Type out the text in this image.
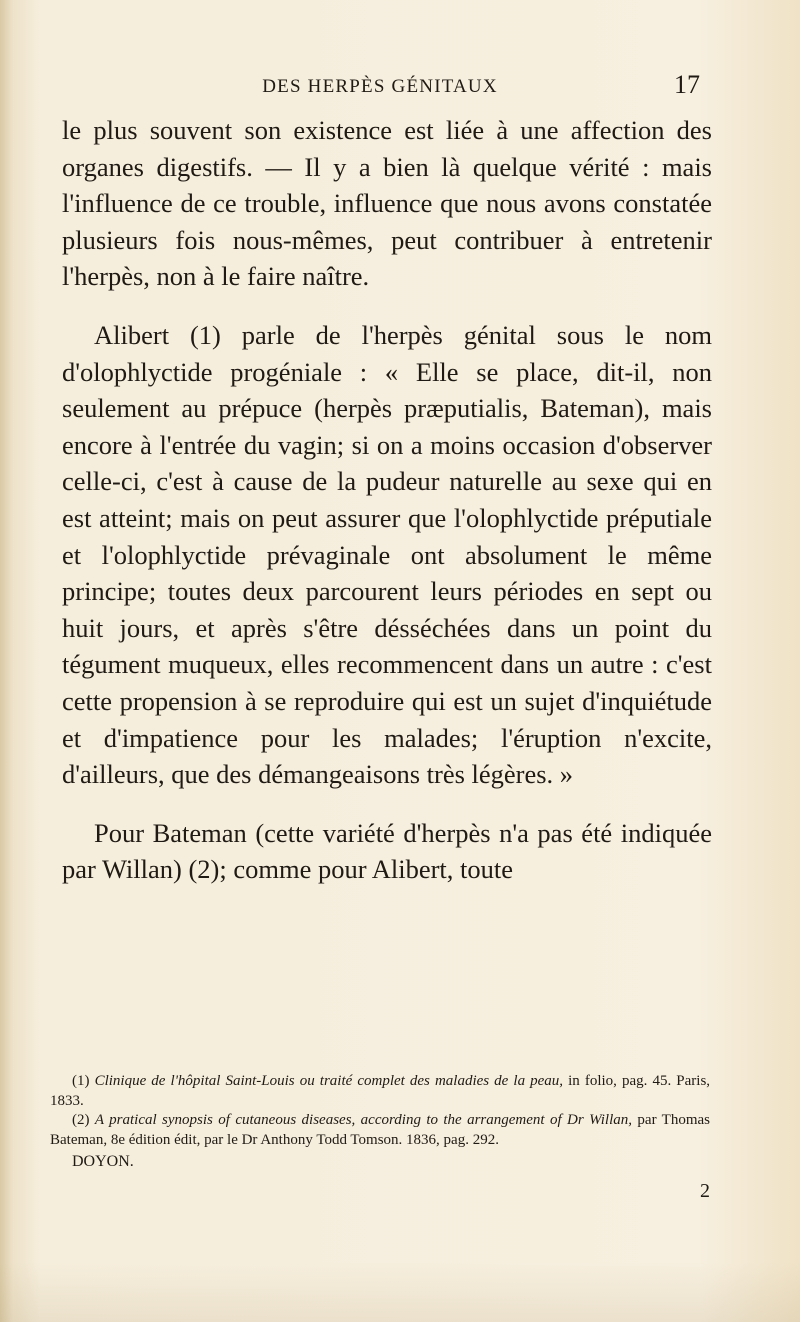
DES HERPÈS GÉNITAUX	17

le plus souvent son existence est liée à une affection des organes digestifs. — Il y a bien là quelque vérité : mais l'influence de ce trouble, influence que nous avons constatée plusieurs fois nous-mêmes, peut contribuer à entretenir l'herpès, non à le faire naître.

Alibert (1) parle de l'herpès génital sous le nom d'olophlyctide progéniale : « Elle se place, dit-il, non seulement au prépuce (herpès præputialis, Bateman), mais encore à l'entrée du vagin; si on a moins occasion d'observer celle-ci, c'est à cause de la pudeur naturelle au sexe qui en est atteint; mais on peut assurer que l'olophlyctide préputiale et l'olophlyctide prévaginale ont absolument le même principe; toutes deux parcourent leurs périodes en sept ou huit jours, et après s'être désséchées dans un point du tégument muqueux, elles recommencent dans un autre : c'est cette propension à se reproduire qui est un sujet d'inquiétude et d'impatience pour les malades; l'éruption n'excite, d'ailleurs, que des démangeaisons très légères. »

Pour Bateman (cette variété d'herpès n'a pas été indiquée par Willan) (2); comme pour Alibert, toute

(1) Clinique de l'hôpital Saint-Louis ou traité complet des maladies de la peau, in folio, pag. 45. Paris, 1833.

(2) A pratical synopsis of cutaneous diseases, according to the arrangement of Dr Willan, par Thomas Bateman, 8e édition édit, par le Dr Anthony Todd Tomson. 1836, pag. 292.

DOYON.

2
